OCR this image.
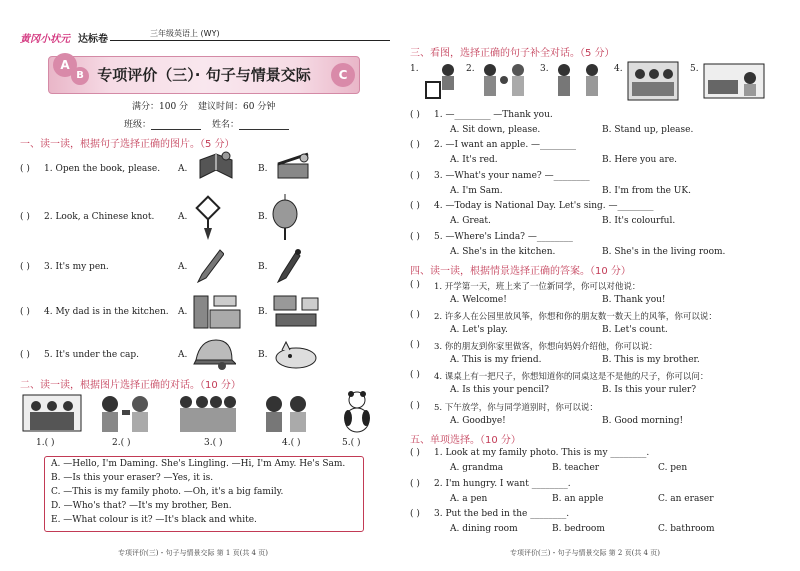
黄冈小状元 达标卷
三年级英语上 (WY)
A
B	C
专项评价（三）· 句子与情景交际
满分：100 分 建议时间：60 分钟
班级：	姓名：
一、读一读，根据句子选择正确的图片。（5 分）
( ) 1. Open the book, please. A.	B.
( ) 2. Look, a Chinese knot.	A.	B.
( ) 3. It's my pen.	A.	B.
( ) 4. My dad is in the kitchen. A.	B.
( ) 5. It's under the cap.	A.	B.
二、读一读，根据图片选择正确的对话。（10 分）
1.( )	2.( )	3.( )	4.( )	5.( )
A. —Hello, I'm Daming. She's Lingling. —Hi, I'm Amy. He's Sam.
B. —Is this your eraser? —Yes, it is.
C. —This is my family photo. —Oh, it's a big family.
D. —Who's that? —It's my brother, Ben.
E. —What colour is it? —It's black and white.
专项评价(三)・句子与情景交际 第 1 页(共 4 页)
三、看图，选择正确的句子补全对话。（5 分）
1.	2.	3.	4.	5.
( ) 1. —________ —Thank you.
A. Sit down, please.	B. Stand up, please.
( ) 2. —I want an apple. —________
A. It's red.	B. Here you are.
( ) 3. —What's your name? —________
A. I'm Sam.	B. I'm from the UK.
( ) 4. —Today is National Day. Let's sing. —________
A. Great.	B. It's colourful.
( ) 5. —Where's Linda? —________
A. She's in the kitchen.	B. She's in the living room.
四、读一读，根据情景选择正确的答案。（10 分）
( ) 1. 开学第一天，班上来了一位新同学，你可以对他说：
A. Welcome!	B. Thank you!
( ) 2. 许多人在公园里放风筝，你想和你的朋友数一数天上的风筝，你可以说：
A. Let's play.	B. Let's count.
( ) 3. 你的朋友到你家里做客，你想向妈妈介绍他，你可以说：
A. This is my friend.	B. This is my brother.
( ) 4. 课桌上有一把尺子，你想知道你的同桌这是不是他的尺子，你可以问：
A. Is this your pencil?	B. Is this your ruler?
( ) 5. 下午放学，你与同学道别时，你可以说：
A. Goodbye!	B. Good morning!
五、单项选择。（10 分）
( ) 1. Look at my family photo. This is my ________.
A. grandma	B. teacher	C. pen
( ) 2. I'm hungry. I want ________.
A. a pen	B. an apple	C. an eraser
( ) 3. Put the bed in the ________.
A. dining room	B. bedroom	C. bathroom
专项评价(三)・句子与情景交际 第 2 页(共 4 页)
